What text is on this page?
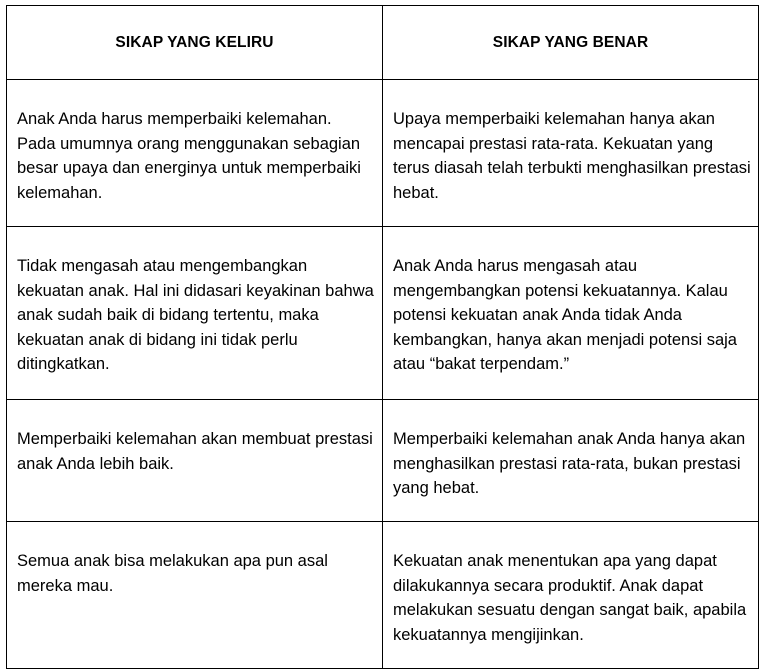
SIKAP YANG KELIRU	SIKAP YANG BENAR

Anak Anda harus memperbaiki kelemahan. Pada umumnya orang menggunakan sebagian besar upaya dan energinya untuk memperbaiki kelemahan.	Upaya memperbaiki kelemahan hanya akan mencapai prestasi rata-rata. Kekuatan yang terus diasah telah terbukti menghasilkan prestasi hebat.

Tidak mengasah atau mengembangkan kekuatan anak. Hal ini didasari keyakinan bahwa anak sudah baik di bidang tertentu, maka kekuatan anak di bidang ini tidak perlu ditingkatkan.	Anak Anda harus mengasah atau mengembangkan potensi kekuatannya. Kalau potensi kekuatan anak Anda tidak Anda kembangkan, hanya akan menjadi potensi saja atau “bakat terpendam.”

Memperbaiki kelemahan akan membuat prestasi anak Anda lebih baik.	Memperbaiki kelemahan anak Anda hanya akan menghasilkan prestasi rata-rata, bukan prestasi yang hebat.

Semua anak bisa melakukan apa pun asal mereka mau.	Kekuatan anak menentukan apa yang dapat dilakukannya secara produktif. Anak dapat melakukan sesuatu dengan sangat baik, apabila kekuatannya mengijinkan.
